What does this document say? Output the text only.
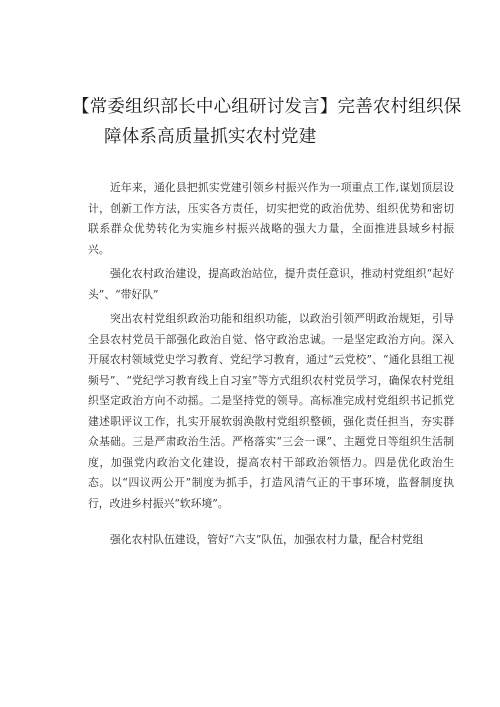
【常委组织部长中心组研讨发言】完善农村组织保
障体系高质量抓实农村党建

近年来，通化县把抓实党建引领乡村振兴作为一项重点工作,谋划顶层设计，创新工作方法，压实各方责任，切实把党的政治优势、组织优势和密切联系群众优势转化为实施乡村振兴战略的强大力量，全面推进县域乡村振兴。

强化农村政治建设，提高政治站位，提升责任意识，推动村党组织“起好头”、“带好队”

突出农村党组织政治功能和组织功能，以政治引领严明政治规矩，引导全县农村党员干部强化政治自觉、恪守政治忠诚。一是坚定政治方向。深入开展农村领域党史学习教育、党纪学习教育，通过“云党校”、“通化县组工视频号”、“党纪学习教育线上自习室”等方式组织农村党员学习，确保农村党组织坚定政治方向不动摇。二是坚持党的领导。高标准完成村党组织书记抓党建述职评议工作，扎实开展软弱涣散村党组织整顿，强化责任担当，夯实群众基础。三是严肃政治生活。严格落实“三会一课”、主题党日等组织生活制度，加强党内政治文化建设，提高农村干部政治领悟力。四是优化政治生态。以“四议两公开”制度为抓手，打造风清气正的干事环境，监督制度执行，改进乡村振兴“软环境”。

强化农村队伍建设，管好“六支”队伍，加强农村力量，配合村党组
